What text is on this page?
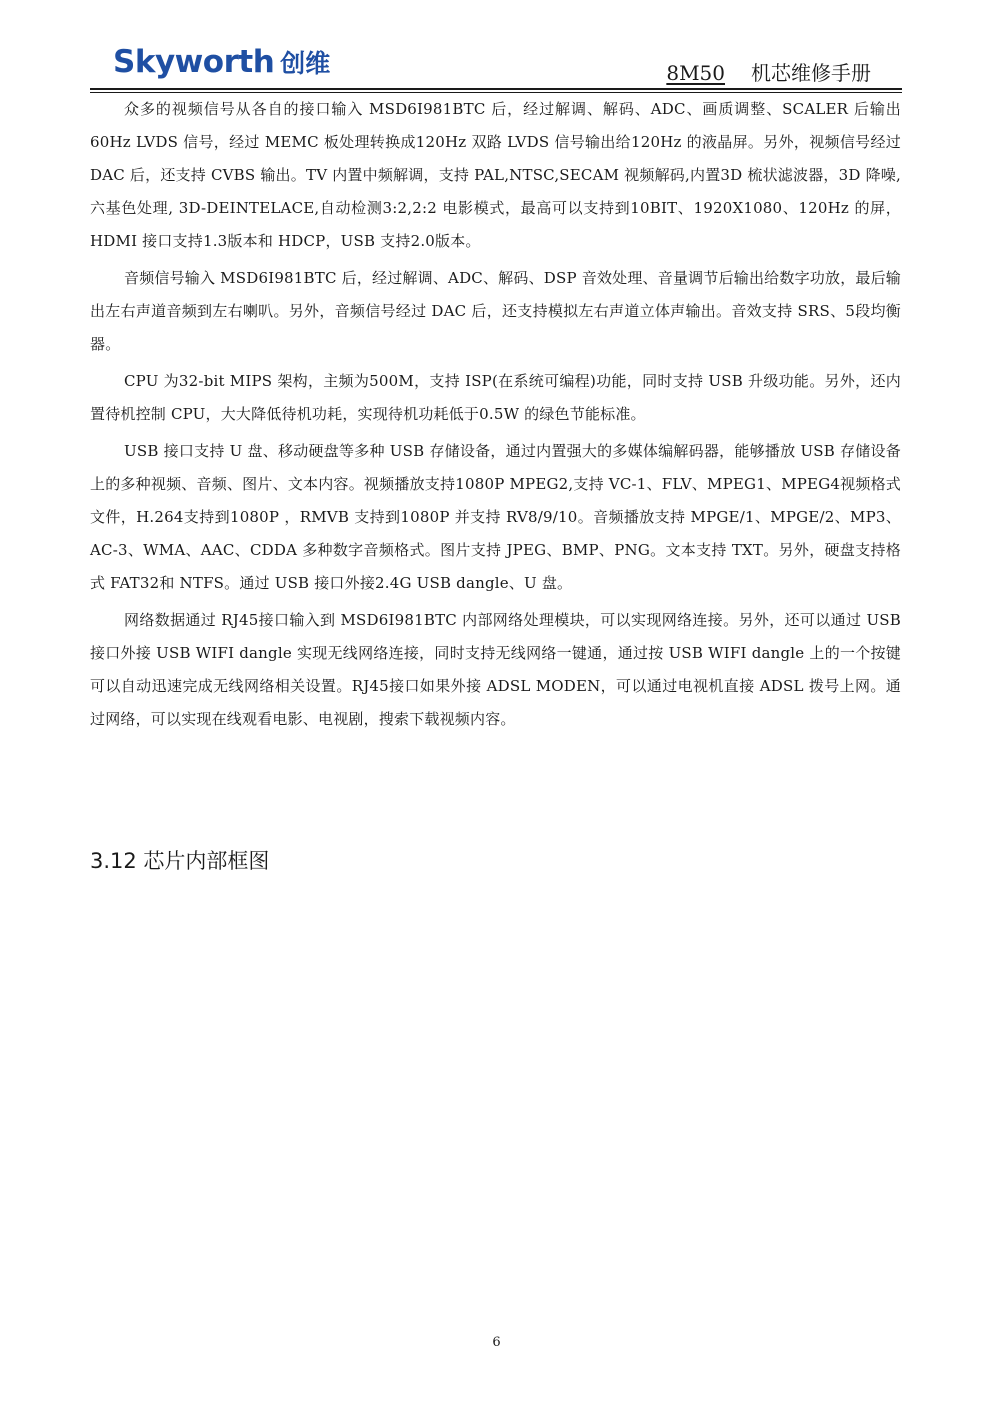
Skyworth 创维	8M50 机芯维修手册

众多的视频信号从各自的接口输入 MSD6I981BTC 后，经过解调、解码、ADC、画质调整、SCALER 后输出60Hz LVDS 信号，经过 MEMC 板处理转换成120Hz 双路 LVDS 信号输出给120Hz 的液晶屏。另外，视频信号经过 DAC 后，还支持 CVBS 输出。TV 内置中频解调，支持 PAL,NTSC,SECAM 视频解码,内置3D 梳状滤波器，3D 降噪,六基色处理, 3D-DEINTELACE,自动检测3:2,2:2 电影模式，最高可以支持到10BIT、1920X1080、120Hz 的屏，HDMI 接口支持1.3版本和 HDCP，USB 支持2.0版本。

音频信号输入 MSD6I981BTC 后，经过解调、ADC、解码、DSP 音效处理、音量调节后输出给数字功放，最后输出左右声道音频到左右喇叭。另外，音频信号经过 DAC 后，还支持模拟左右声道立体声输出。音效支持 SRS、5段均衡器。

CPU 为32-bit MIPS 架构，主频为500M，支持 ISP(在系统可编程)功能，同时支持 USB 升级功能。另外，还内置待机控制 CPU，大大降低待机功耗，实现待机功耗低于0.5W 的绿色节能标准。

USB 接口支持 U 盘、移动硬盘等多种 USB 存储设备，通过内置强大的多媒体编解码器，能够播放 USB 存储设备上的多种视频、音频、图片、文本内容。视频播放支持1080P MPEG2,支持 VC-1、FLV、MPEG1、MPEG4视频格式文件，H.264支持到1080P ，RMVB 支持到1080P 并支持 RV8/9/10。音频播放支持 MPGE/1、MPGE/2、MP3、AC-3、WMA、AAC、CDDA 多种数字音频格式。图片支持 JPEG、BMP、PNG。文本支持 TXT。另外，硬盘支持格式 FAT32和 NTFS。通过 USB 接口外接2.4G USB dangle、U 盘。

网络数据通过 RJ45接口输入到 MSD6I981BTC 内部网络处理模块，可以实现网络连接。另外，还可以通过 USB 接口外接 USB WIFI dangle 实现无线网络连接，同时支持无线网络一键通，通过按 USB WIFI dangle 上的一个按键可以自动迅速完成无线网络相关设置。RJ45接口如果外接 ADSL MODEN，可以通过电视机直接 ADSL 拨号上网。通过网络，可以实现在线观看电影、电视剧，搜索下载视频内容。

3.12 芯片内部框图
6
